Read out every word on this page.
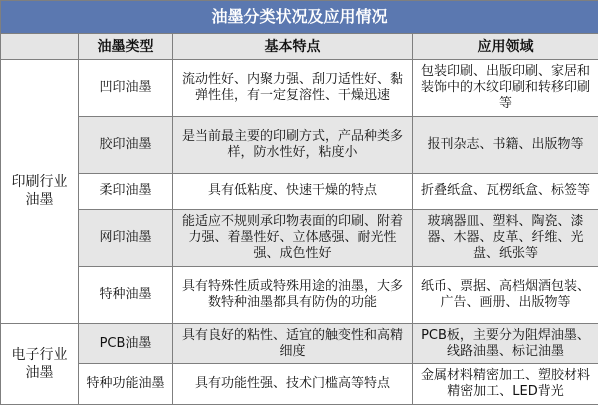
油墨分类状况及应用情况			
	油墨类型	基本特点	应用领域
印刷行业油墨	凹印油墨	流动性好、内聚力强、刮刀适性好、黏弹性佳，有一定复溶性、干燥迅速	包装印刷、出版印刷、家居和装饰中的木纹印刷和转移印刷等
	胶印油墨	是当前最主要的印刷方式，产品种类多样，防水性好，粘度小	报刊杂志、书籍、出版物等
	柔印油墨	具有低粘度、快速干燥的特点	折叠纸盒、瓦楞纸盒、标签等
	网印油墨	能适应不规则承印物表面的印刷、附着力强、着墨性好、立体感强、耐光性强、成色性好	玻璃器皿、塑料、陶瓷、漆器、木器、皮革、纤维、光盘、纸张等
	特种油墨	具有特殊性质或特殊用途的油墨，大多数特种油墨都具有防伪的功能	纸币、票据、高档烟酒包装、广告、画册、出版物等
电子行业油墨	PCB油墨	具有良好的粘性、适宜的触变性和高精细度	PCB板，主要分为阻焊油墨、线路油墨、标记油墨
	特种功能油墨	具有功能性强、技术门槛高等特点	金属材料精密加工、塑胶材料精密加工、LED背光
